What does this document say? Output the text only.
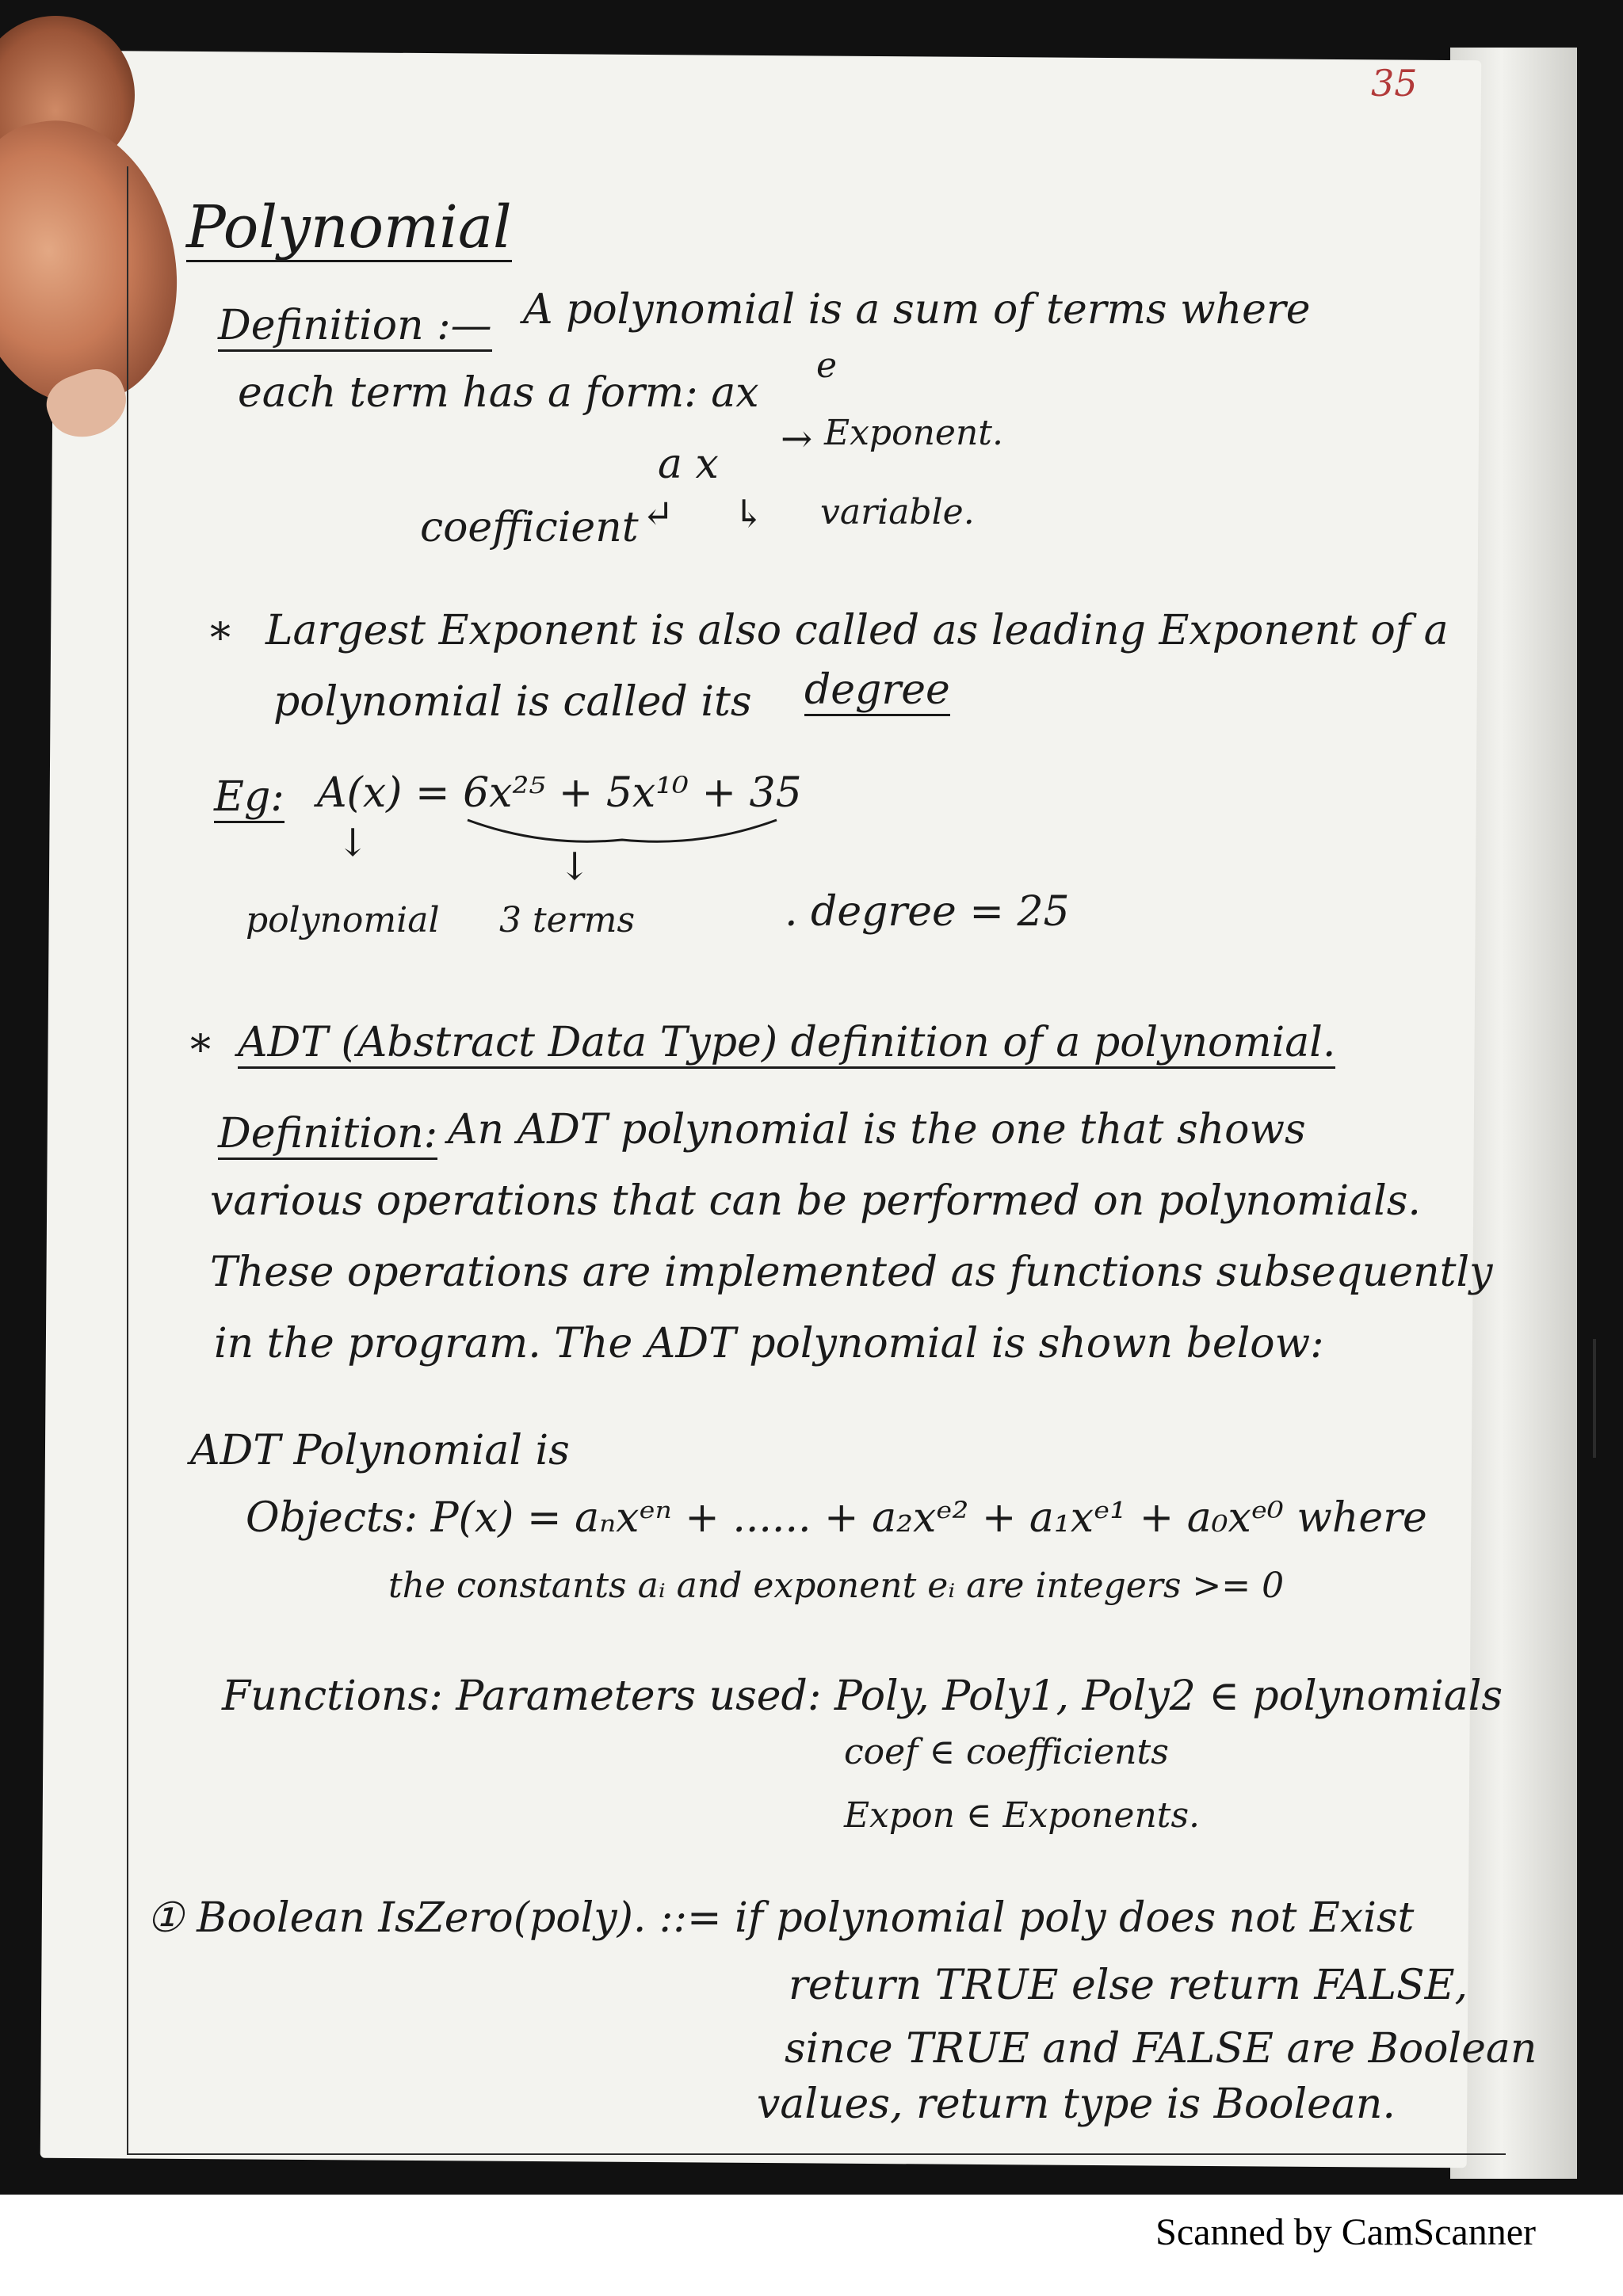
35
Polynomial
Definition :— A polynomial is a sum of terms where
each term has a form: ax
e
a x
→ Exponent.
coefficient ↵ ↳ variable.
* Largest Exponent is also called as leading Exponent of a
polynomial is called its degree
Eg: A(x) = 6x²⁵ + 5x¹⁰ + 35
↓
↓
polynomial 3 terms	. degree = 25
* ADT (Abstract Data Type) definition of a polynomial.
Definition: An ADT polynomial is the one that shows
various operations that can be performed on polynomials.
These operations are implemented as functions subsequently
in the program. The ADT polynomial is shown below:
ADT Polynomial is
Objects: P(x) = aₙxᵉⁿ + ...... + a₂xᵉ² + a₁xᵉ¹ + a₀xᵉ⁰ where
the constants aᵢ and exponent eᵢ are integers >= 0
Functions: Parameters used: Poly, Poly1, Poly2 ∈ polynomials
coef ∈ coefficients
Expon ∈ Exponents.
① Boolean IsZero(poly). ::= if polynomial poly does not Exist
return TRUE else return FALSE,
since TRUE and FALSE are Boolean
values, return type is Boolean.
Scanned by CamScanner
